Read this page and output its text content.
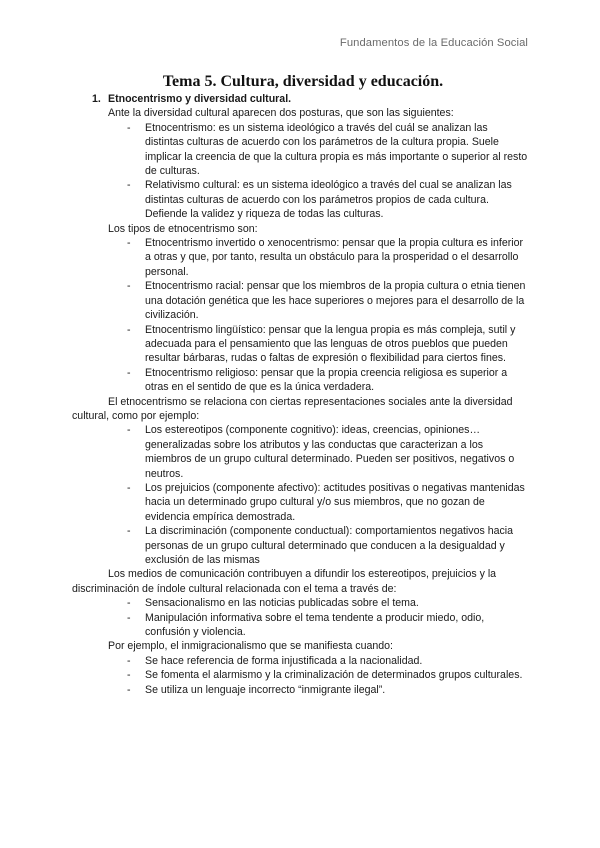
Fundamentos de la Educación Social
Tema 5. Cultura, diversidad y educación.
1. Etnocentrismo y diversidad cultural.

Ante la diversidad cultural aparecen dos posturas, que son las siguientes:

- Etnocentrismo: es un sistema ideológico a través del cuál se analizan las distintas culturas de acuerdo con los parámetros de la cultura propia. Suele implicar la creencia de que la cultura propia es más importante o superior al resto de culturas.
- Relativismo cultural: es un sistema ideológico a través del cual se analizan las distintas culturas de acuerdo con los parámetros propios de cada cultura. Defiende la validez y riqueza de todas las culturas.

Los tipos de etnocentrismo son:

- Etnocentrismo invertido o xenocentrismo: pensar que la propia cultura es inferior a otras y que, por tanto, resulta un obstáculo para la prosperidad o el desarrollo personal.
- Etnocentrismo racial: pensar que los miembros de la propia cultura o etnia tienen una dotación genética que les hace superiores o mejores para el desarrollo de la civilización.
- Etnocentrismo lingüístico: pensar que la lengua propia es más compleja, sutil y adecuada para el pensamiento que las lenguas de otros pueblos que pueden resultar bárbaras, rudas o faltas de expresión o flexibilidad para ciertos fines.
- Etnocentrismo religioso: pensar que la propia creencia religiosa es superior a otras en el sentido de que es la única verdadera.

El etnocentrismo se relaciona con ciertas representaciones sociales ante la diversidad cultural, como por ejemplo:

- Los estereotipos (componente cognitivo): ideas, creencias, opiniones… generalizadas sobre los atributos y las conductas que caracterizan a los miembros de un grupo cultural determinado. Pueden ser positivos, negativos o neutros.
- Los prejuicios (componente afectivo): actitudes positivas o negativas mantenidas hacia un determinado grupo cultural y/o sus miembros, que no gozan de evidencia empírica demostrada.
- La discriminación (componente conductual): comportamientos negativos hacia personas de un grupo cultural determinado que conducen a la desigualdad y exclusión de las mismas

Los medios de comunicación contribuyen a difundir los estereotipos, prejuicios y la discriminación de índole cultural relacionada con el tema a través de:

- Sensacionalismo en las noticias publicadas sobre el tema.
- Manipulación informativa sobre el tema tendente a producir miedo, odio, confusión y violencia.

Por ejemplo, el inmigracionalismo que se manifiesta cuando:

- Se hace referencia de forma injustificada a la nacionalidad.
- Se fomenta el alarmismo y la criminalización de determinados grupos culturales.
- Se utiliza un lenguaje incorrecto “inmigrante ilegal”.
